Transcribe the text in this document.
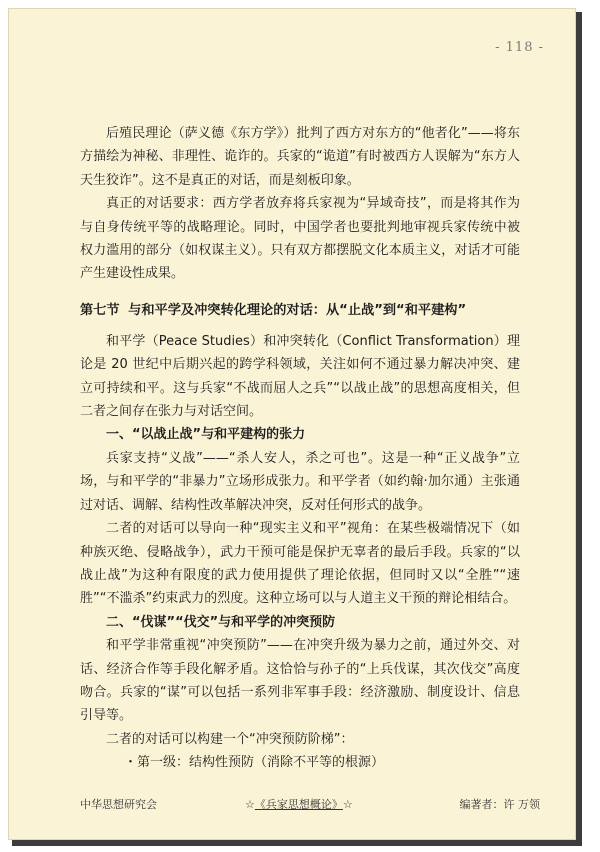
- 118 -

后殖民理论（萨义德《东方学》）批判了西方对东方的“他者化”——将东方描绘为神秘、非理性、诡诈的。兵家的“诡道”有时被西方人误解为“东方人天生狡诈”。这不是真正的对话，而是刻板印象。

真正的对话要求：西方学者放弃将兵家视为“异域奇技”，而是将其作为与自身传统平等的战略理论。同时，中国学者也要批判地审视兵家传统中被权力滥用的部分（如权谋主义）。只有双方都摆脱文化本质主义，对话才可能产生建设性成果。

第七节 与和平学及冲突转化理论的对话：从“止战”到“和平建构”

和平学（Peace Studies）和冲突转化（Conflict Transformation）理论是 20 世纪中后期兴起的跨学科领域，关注如何不通过暴力解决冲突、建立可持续和平。这与兵家“不战而屈人之兵”“以战止战”的思想高度相关，但二者之间存在张力与对话空间。

一、“以战止战”与和平建构的张力

兵家支持“义战”——“杀人安人，杀之可也”。这是一种“正义战争”立场，与和平学的“非暴力”立场形成张力。和平学者（如约翰·加尔通）主张通过对话、调解、结构性改革解决冲突，反对任何形式的战争。

二者的对话可以导向一种“现实主义和平”视角：在某些极端情况下（如种族灭绝、侵略战争），武力干预可能是保护无辜者的最后手段。兵家的“以战止战”为这种有限度的武力使用提供了理论依据，但同时又以“全胜”“速胜”“不滥杀”约束武力的烈度。这种立场可以与人道主义干预的辩论相结合。

二、“伐谋”“伐交”与和平学的冲突预防

和平学非常重视“冲突预防”——在冲突升级为暴力之前，通过外交、对话、经济合作等手段化解矛盾。这恰恰与孙子的“上兵伐谋，其次伐交”高度吻合。兵家的“谋”可以包括一系列非军事手段：经济激励、制度设计、信息引导等。

二者的对话可以构建一个“冲突预防阶梯”：

・第一级：结构性预防（消除不平等的根源）

中华思想研究会	☆《兵家思想概论》☆	编著者：许 万领
